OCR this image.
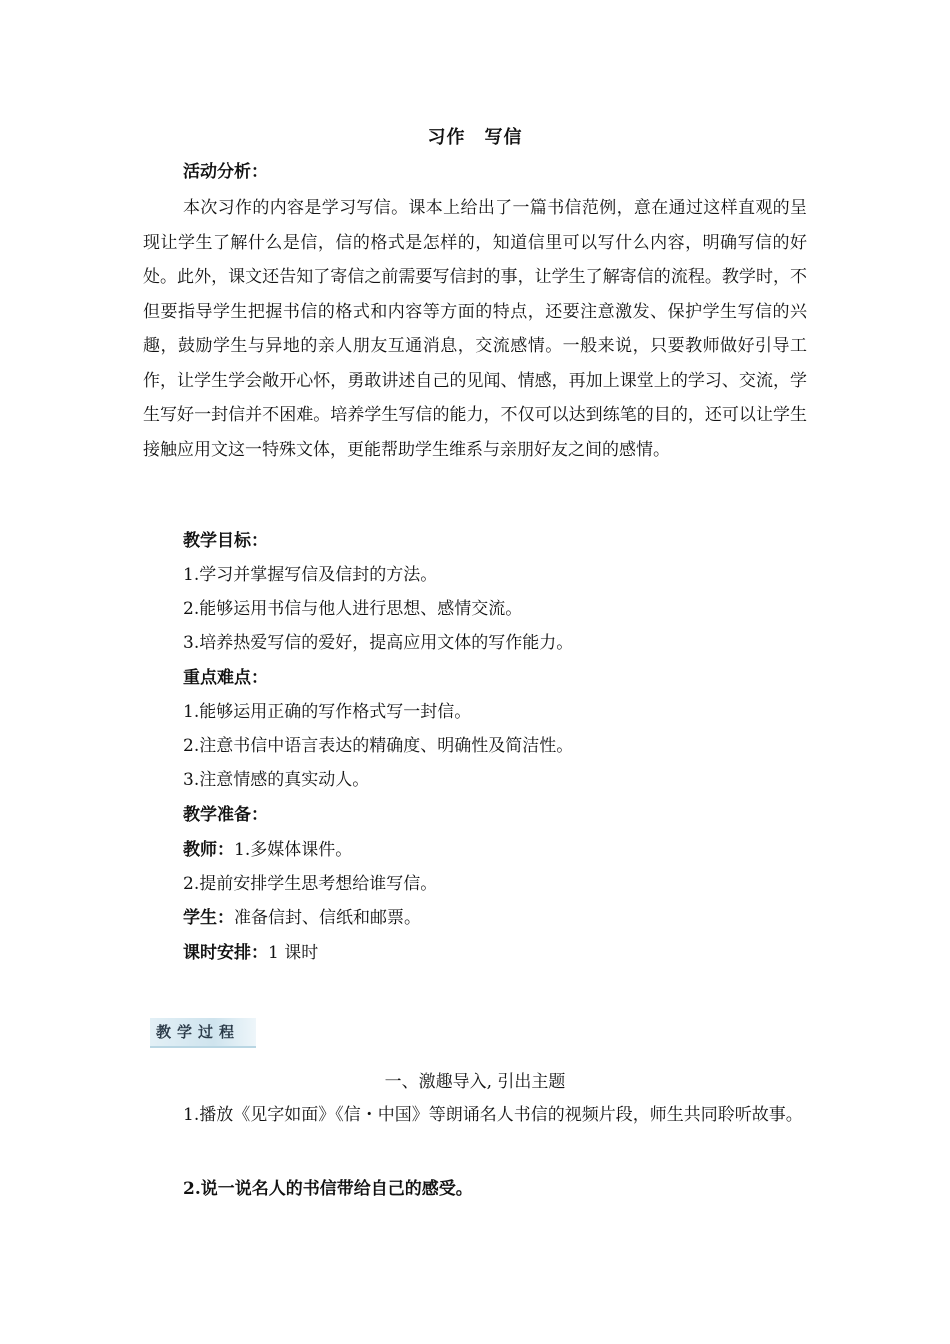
习作　写信
活动分析：

本次习作的内容是学习写信。课本上给出了一篇书信范例，意在通过这样直观的呈现让学生了解什么是信，信的格式是怎样的，知道信里可以写什么内容，明确写信的好处。此外，课文还告知了寄信之前需要写信封的事，让学生了解寄信的流程。教学时，不但要指导学生把握书信的格式和内容等方面的特点，还要注意激发、保护学生写信的兴趣，鼓励学生与异地的亲人朋友互通消息，交流感情。一般来说，只要教师做好引导工作，让学生学会敞开心怀，勇敢讲述自己的见闻、情感，再加上课堂上的学习、交流，学生写好一封信并不困难。培养学生写信的能力，不仅可以达到练笔的目的，还可以让学生接触应用文这一特殊文体，更能帮助学生维系与亲朋好友之间的感情。

教学目标：
1.学习并掌握写信及信封的方法。
2.能够运用书信与他人进行思想、感情交流。
3.培养热爱写信的爱好，提高应用文体的写作能力。
重点难点：
1.能够运用正确的写作格式写一封信。
2.注意书信中语言表达的精确度、明确性及简洁性。
3.注意情感的真实动人。
教学准备：
教师：1.多媒体课件。
2.提前安排学生思考想给谁写信。
学生：准备信封、信纸和邮票。
课时安排：1 课时
教学过程
一、激趣导入, 引出主题

1.播放《见字如面》《信・中国》等朗诵名人书信的视频片段，师生共同聆听故事。

2.说一说名人的书信带给自己的感受。
